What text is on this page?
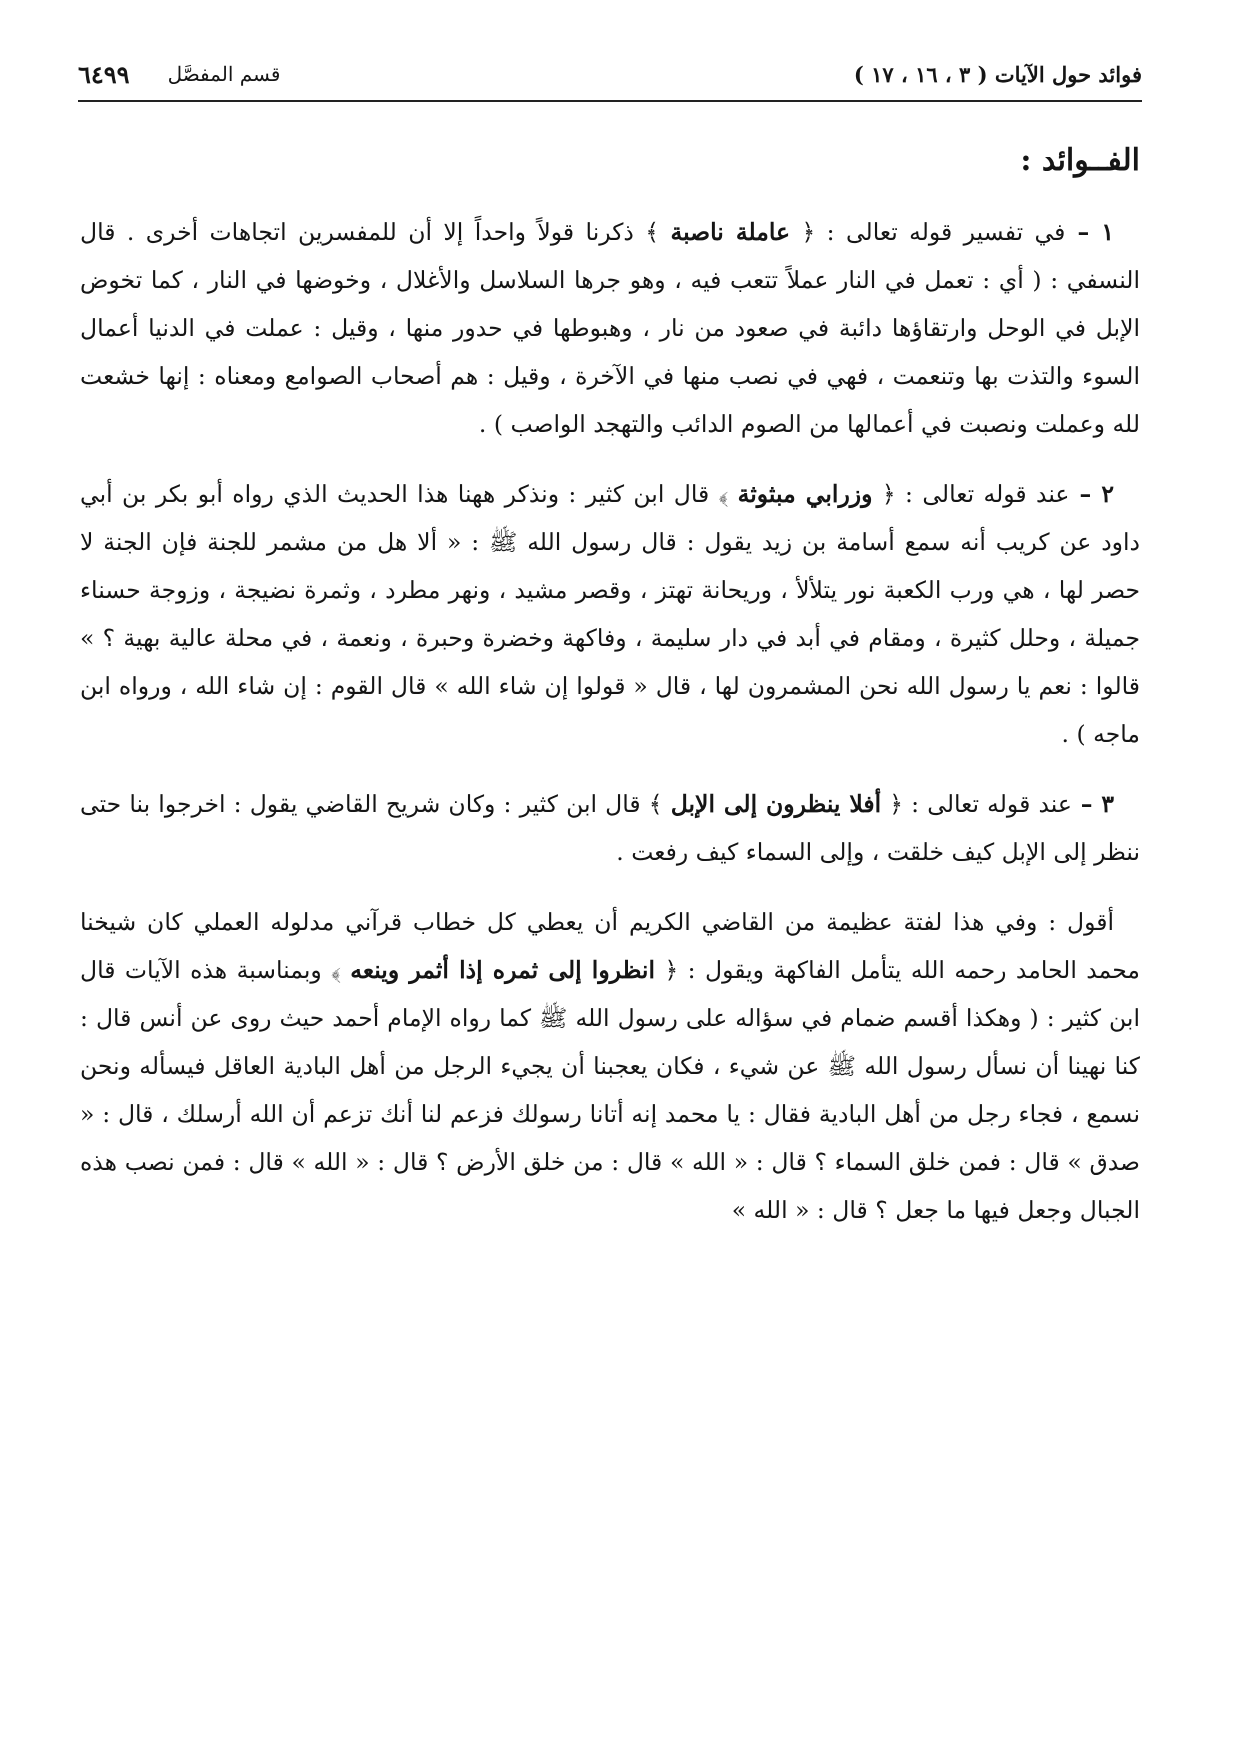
فوائد حول الآيات ( ٣ ، ١٦ ، ١٧ )
قسم المفصَّل
٦٤٩٩
الفــوائد :

١ – في تفسير قوله تعالى : ﴿ عاملة ناصبة ﴾ ذكرنا قولاً واحداً إلا أن للمفسرين اتجاهات أخرى . قال النسفي : ( أي : تعمل في النار عملاً تتعب فيه ، وهو جرها السلاسل والأغلال ، وخوضها في النار ، كما تخوض الإبل في الوحل وارتقاؤها دائبة في صعود من نار ، وهبوطها في حدور منها ، وقيل : عملت في الدنيا أعمال السوء والتذت بها وتنعمت ، فهي في نصب منها في الآخرة ، وقيل : هم أصحاب الصوامع ومعناه : إنها خشعت لله وعملت ونصبت في أعمالها من الصوم الدائب والتهجد الواصب ) .

٢ – عند قوله تعالى : ﴿ وزرابي مبثوثة ﴾ قال ابن كثير : ونذكر ههنا هذا الحديث الذي رواه أبو بكر بن أبي داود عن كريب أنه سمع أسامة بن زيد يقول : قال رسول الله ﷺ : « ألا هل من مشمر للجنة فإن الجنة لا حصر لها ، هي ورب الكعبة نور يتلألأ ، وريحانة تهتز ، وقصر مشيد ، ونهر مطرد ، وثمرة نضيجة ، وزوجة حسناء جميلة ، وحلل كثيرة ، ومقام في أبد في دار سليمة ، وفاكهة وخضرة وحبرة ، ونعمة ، في محلة عالية بهية ؟ » قالوا : نعم يا رسول الله نحن المشمرون لها ، قال « قولوا إن شاء الله » قال القوم : إن شاء الله ، ورواه ابن ماجه ) .

٣ – عند قوله تعالى : ﴿ أفلا ينظرون إلى الإبل ﴾ قال ابن كثير : وكان شريح القاضي يقول : اخرجوا بنا حتى ننظر إلى الإبل كيف خلقت ، وإلى السماء كيف رفعت .

أقول : وفي هذا لفتة عظيمة من القاضي الكريم أن يعطي كل خطاب قرآني مدلوله العملي كان شيخنا محمد الحامد رحمه الله يتأمل الفاكهة ويقول : ﴿ انظروا إلى ثمره إذا أثمر وينعه ﴾ وبمناسبة هذه الآيات قال ابن كثير : ( وهكذا أقسم ضمام في سؤاله على رسول الله ﷺ كما رواه الإمام أحمد حيث روى عن أنس قال : كنا نهينا أن نسأل رسول الله ﷺ عن شيء ، فكان يعجبنا أن يجيء الرجل من أهل البادية العاقل فيسأله ونحن نسمع ، فجاء رجل من أهل البادية فقال : يا محمد إنه أتانا رسولك فزعم لنا أنك تزعم أن الله أرسلك ، قال : « صدق » قال : فمن خلق السماء ؟ قال : « الله » قال : من خلق الأرض ؟ قال : « الله » قال : فمن نصب هذه الجبال وجعل فيها ما جعل ؟ قال : « الله »
